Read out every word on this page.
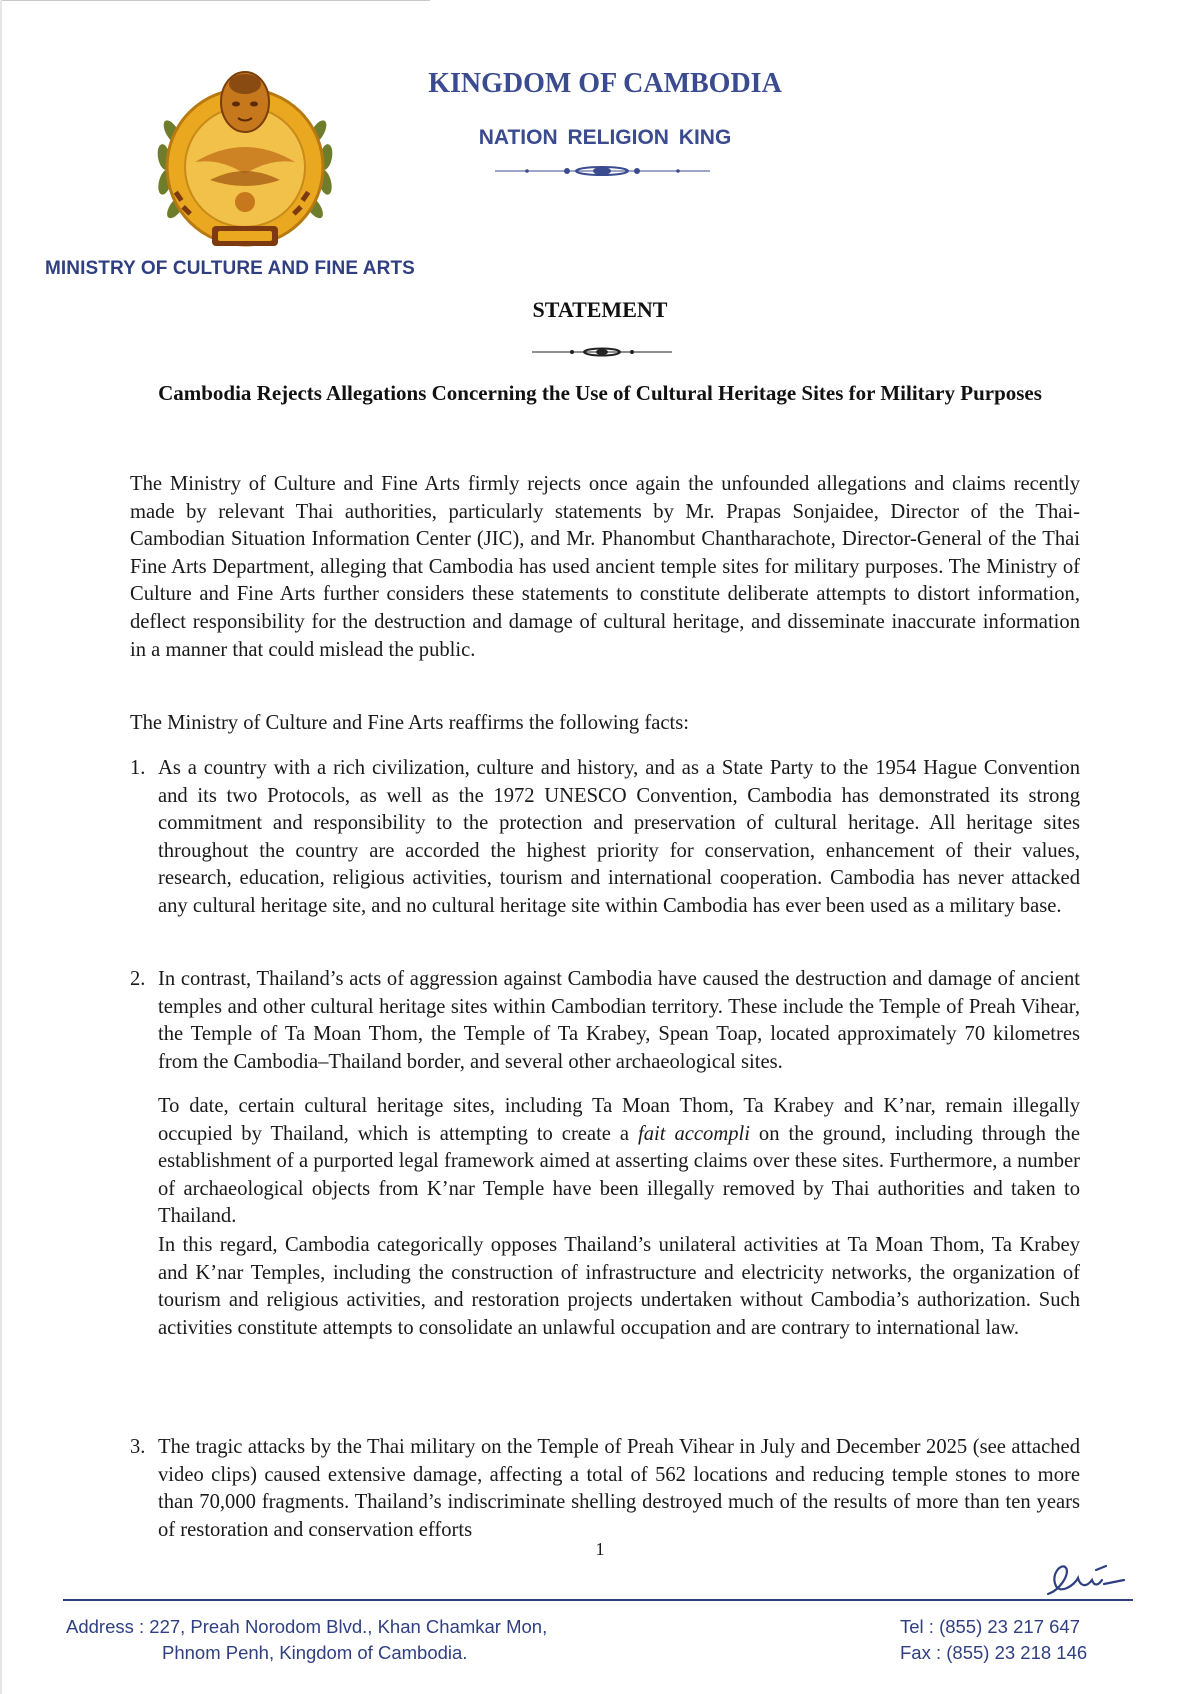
MINISTRY OF CULTURE AND FINE ARTS
KINGDOM OF CAMBODIA
NATION RELIGION KING
STATEMENT
Cambodia Rejects Allegations Concerning the Use of Cultural Heritage Sites for Military Purposes
The Ministry of Culture and Fine Arts firmly rejects once again the unfounded allegations and claims recently made by relevant Thai authorities, particularly statements by Mr. Prapas Sonjaidee, Director of the Thai-Cambodian Situation Information Center (JIC), and Mr. Phanombut Chantharachote, Director-General of the Thai Fine Arts Department, alleging that Cambodia has used ancient temple sites for military purposes. The Ministry of Culture and Fine Arts further considers these statements to constitute deliberate attempts to distort information, deflect responsibility for the destruction and damage of cultural heritage, and disseminate inaccurate information in a manner that could mislead the public.
The Ministry of Culture and Fine Arts reaffirms the following facts:
1. As a country with a rich civilization, culture and history, and as a State Party to the 1954 Hague Convention and its two Protocols, as well as the 1972 UNESCO Convention, Cambodia has demonstrated its strong commitment and responsibility to the protection and preservation of cultural heritage. All heritage sites throughout the country are accorded the highest priority for conservation, enhancement of their values, research, education, religious activities, tourism and international cooperation. Cambodia has never attacked any cultural heritage site, and no cultural heritage site within Cambodia has ever been used as a military base.
2. In contrast, Thailand’s acts of aggression against Cambodia have caused the destruction and damage of ancient temples and other cultural heritage sites within Cambodian territory. These include the Temple of Preah Vihear, the Temple of Ta Moan Thom, the Temple of Ta Krabey, Spean Toap, located approximately 70 kilometres from the Cambodia–Thailand border, and several other archaeological sites.
To date, certain cultural heritage sites, including Ta Moan Thom, Ta Krabey and K’nar, remain illegally occupied by Thailand, which is attempting to create a fait accompli on the ground, including through the establishment of a purported legal framework aimed at asserting claims over these sites. Furthermore, a number of archaeological objects from K’nar Temple have been illegally removed by Thai authorities and taken to Thailand.
In this regard, Cambodia categorically opposes Thailand’s unilateral activities at Ta Moan Thom, Ta Krabey and K’nar Temples, including the construction of infrastructure and electricity networks, the organization of tourism and religious activities, and restoration projects undertaken without Cambodia’s authorization. Such activities constitute attempts to consolidate an unlawful occupation and are contrary to international law.
3. The tragic attacks by the Thai military on the Temple of Preah Vihear in July and December 2025 (see attached video clips) caused extensive damage, affecting a total of 562 locations and reducing temple stones to more than 70,000 fragments. Thailand’s indiscriminate shelling destroyed much of the results of more than ten years of restoration and conservation efforts
1
Address : 227, Preah Norodom Blvd., Khan Chamkar Mon,
Phnom Penh, Kingdom of Cambodia.
Tel : (855) 23 217 647
Fax : (855) 23 218 146
